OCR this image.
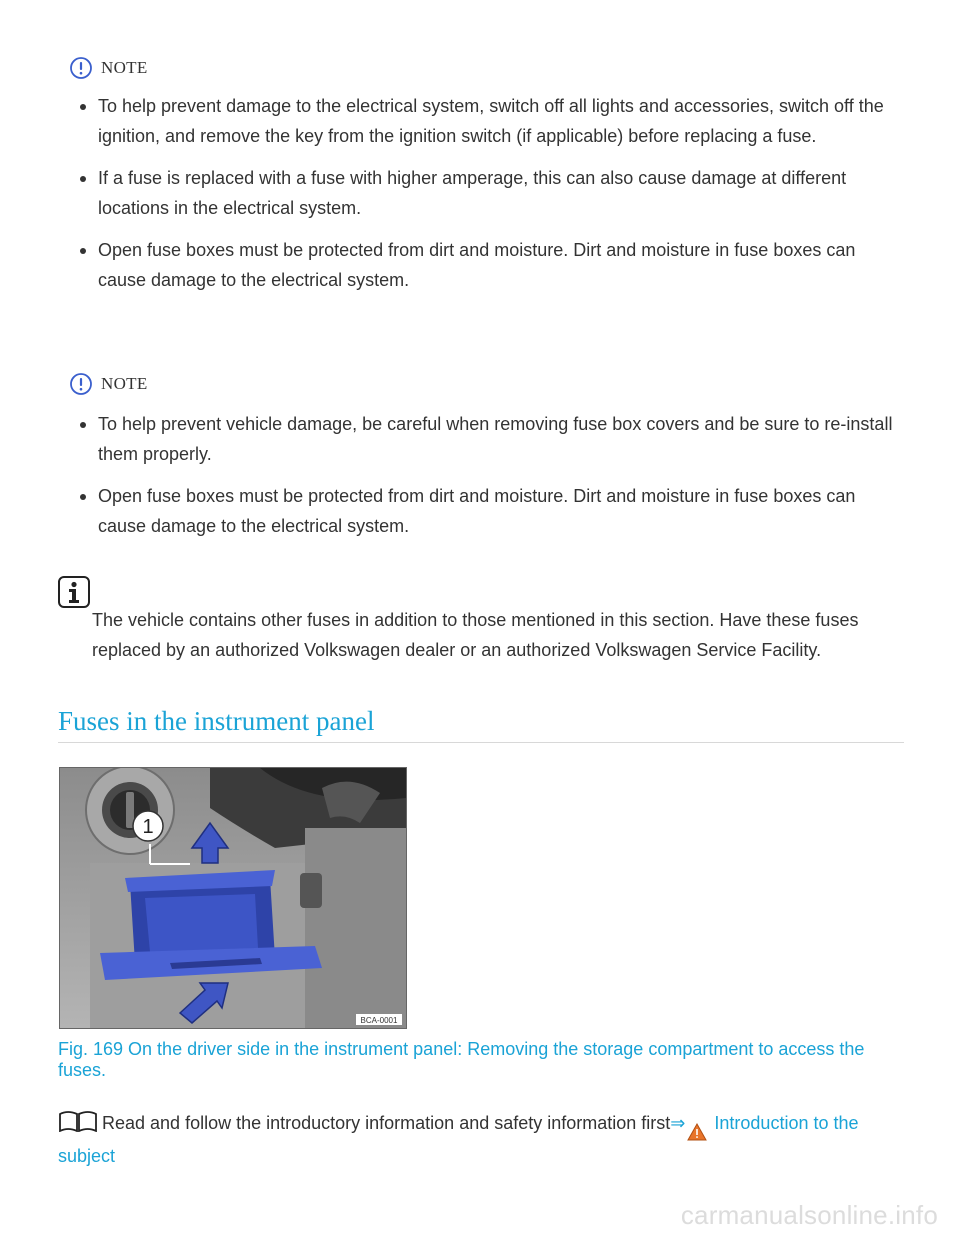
NOTE
To help prevent damage to the electrical system, switch off all lights and accessories, switch off the ignition, and remove the key from the ignition switch (if applicable) before replacing a fuse.
If a fuse is replaced with a fuse with higher amperage, this can also cause damage at different locations in the electrical system.
Open fuse boxes must be protected from dirt and moisture. Dirt and moisture in fuse boxes can cause damage to the electrical system.
NOTE
To help prevent vehicle damage, be careful when removing fuse box covers and be sure to re-install them properly.
Open fuse boxes must be protected from dirt and moisture. Dirt and moisture in fuse boxes can cause damage to the electrical system.

The vehicle contains other fuses in addition to those mentioned in this section. Have these fuses replaced by an authorized Volkswagen dealer or an authorized Volkswagen Service Facility.

Fuses in the instrument panel
1
BCA-0001

Fig. 169 On the driver side in the instrument panel: Removing the storage compartment to access the fuses.

Read and follow the introductory information and safety information first⇒ Introduction to the subject

carmanualsonline.info
